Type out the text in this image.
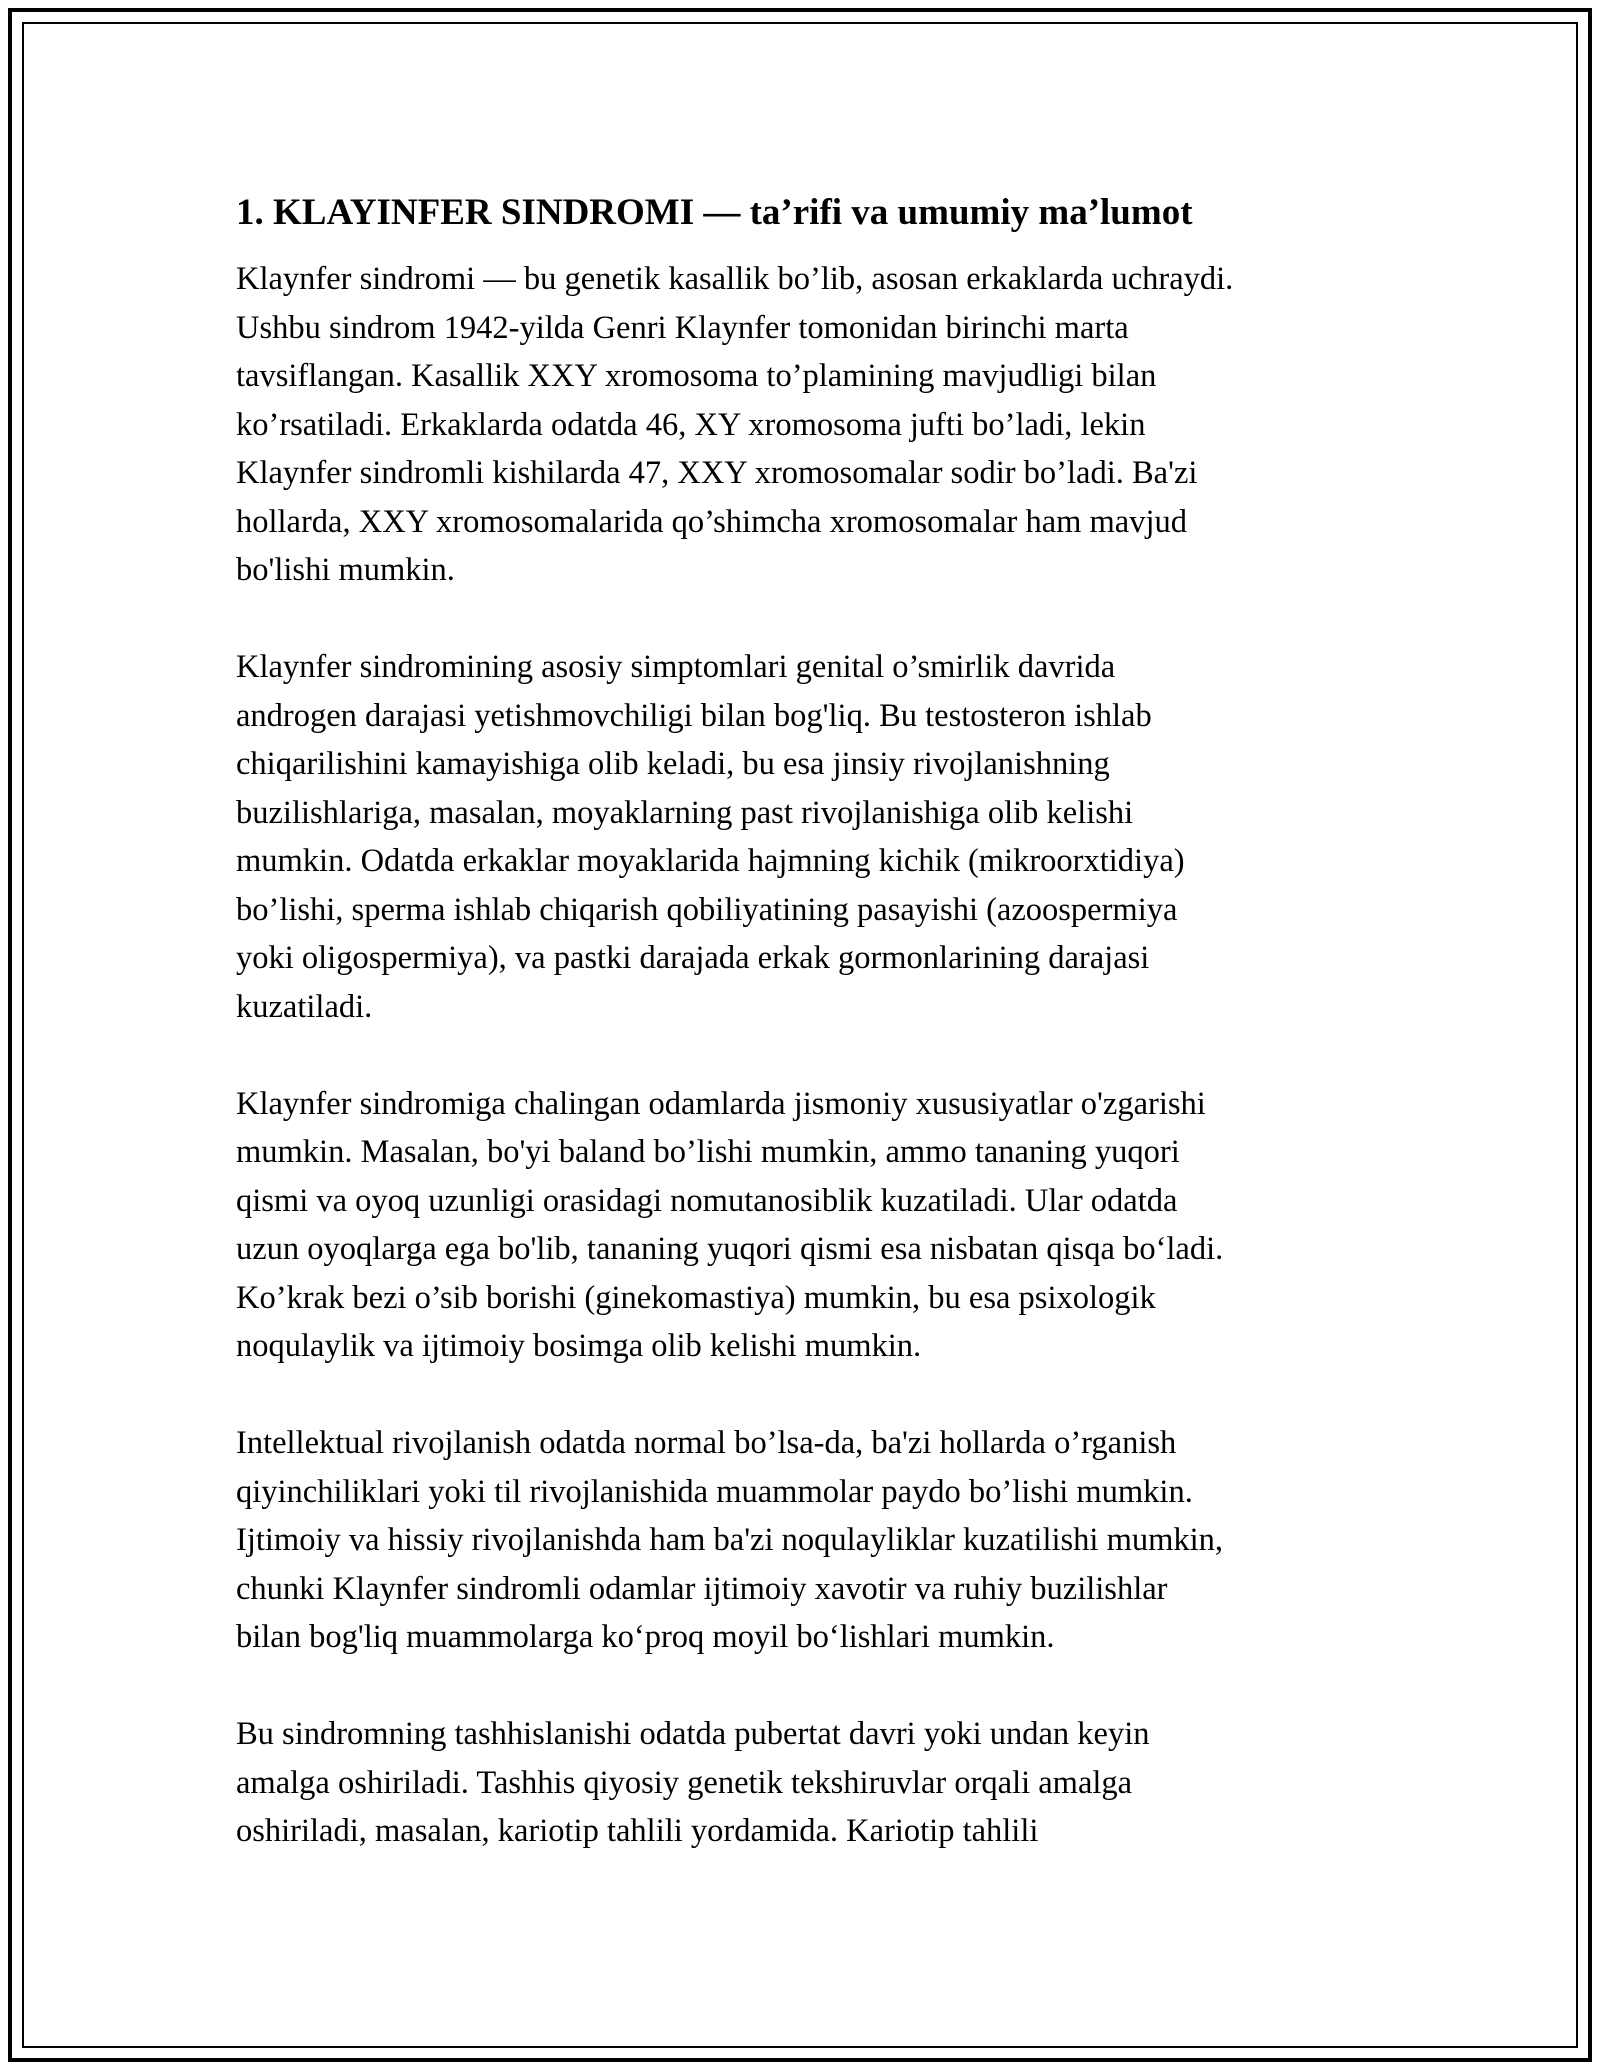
1. KLAYINFER SINDROMI — ta’rifi va umumiy ma’lumot

Klaynfer sindromi — bu genetik kasallik bo’lib, asosan erkaklarda uchraydi.
Ushbu sindrom 1942-yilda Genri Klaynfer tomonidan birinchi marta
tavsiflangan. Kasallik XXY xromosoma to’plamining mavjudligi bilan
ko’rsatiladi. Erkaklarda odatda 46, XY xromosoma jufti bo’ladi, lekin
Klaynfer sindromli kishilarda 47, XXY xromosomalar sodir bo’ladi. Ba'zi
hollarda, XXY xromosomalarida qo’shimcha xromosomalar ham mavjud
bo'lishi mumkin.

Klaynfer sindromining asosiy simptomlari genital o’smirlik davrida
androgen darajasi yetishmovchiligi bilan bog'liq. Bu testosteron ishlab
chiqarilishini kamayishiga olib keladi, bu esa jinsiy rivojlanishning
buzilishlariga, masalan, moyaklarning past rivojlanishiga olib kelishi
mumkin. Odatda erkaklar moyaklarida hajmning kichik (mikroorxtidiya)
bo’lishi, sperma ishlab chiqarish qobiliyatining pasayishi (azoospermiya
yoki oligospermiya), va pastki darajada erkak gormonlarining darajasi
kuzatiladi.

Klaynfer sindromiga chalingan odamlarda jismoniy xususiyatlar o'zgarishi
mumkin. Masalan, bo'yi baland bo’lishi mumkin, ammo tananing yuqori
qismi va oyoq uzunligi orasidagi nomutanosiblik kuzatiladi. Ular odatda
uzun oyoqlarga ega bo'lib, tananing yuqori qismi esa nisbatan qisqa bo‘ladi.
Ko’krak bezi o’sib borishi (ginekomastiya) mumkin, bu esa psixologik
noqulaylik va ijtimoiy bosimga olib kelishi mumkin.

Intellektual rivojlanish odatda normal bo’lsa-da, ba'zi hollarda o’rganish
qiyinchiliklari yoki til rivojlanishida muammolar paydo bo’lishi mumkin.
Ijtimoiy va hissiy rivojlanishda ham ba'zi noqulayliklar kuzatilishi mumkin,
chunki Klaynfer sindromli odamlar ijtimoiy xavotir va ruhiy buzilishlar
bilan bog'liq muammolarga ko‘proq moyil bo‘lishlari mumkin.

Bu sindromning tashhislanishi odatda pubertat davri yoki undan keyin
amalga oshiriladi. Tashhis qiyosiy genetik tekshiruvlar orqali amalga
oshiriladi, masalan, kariotip tahlili yordamida. Kariotip tahlili
